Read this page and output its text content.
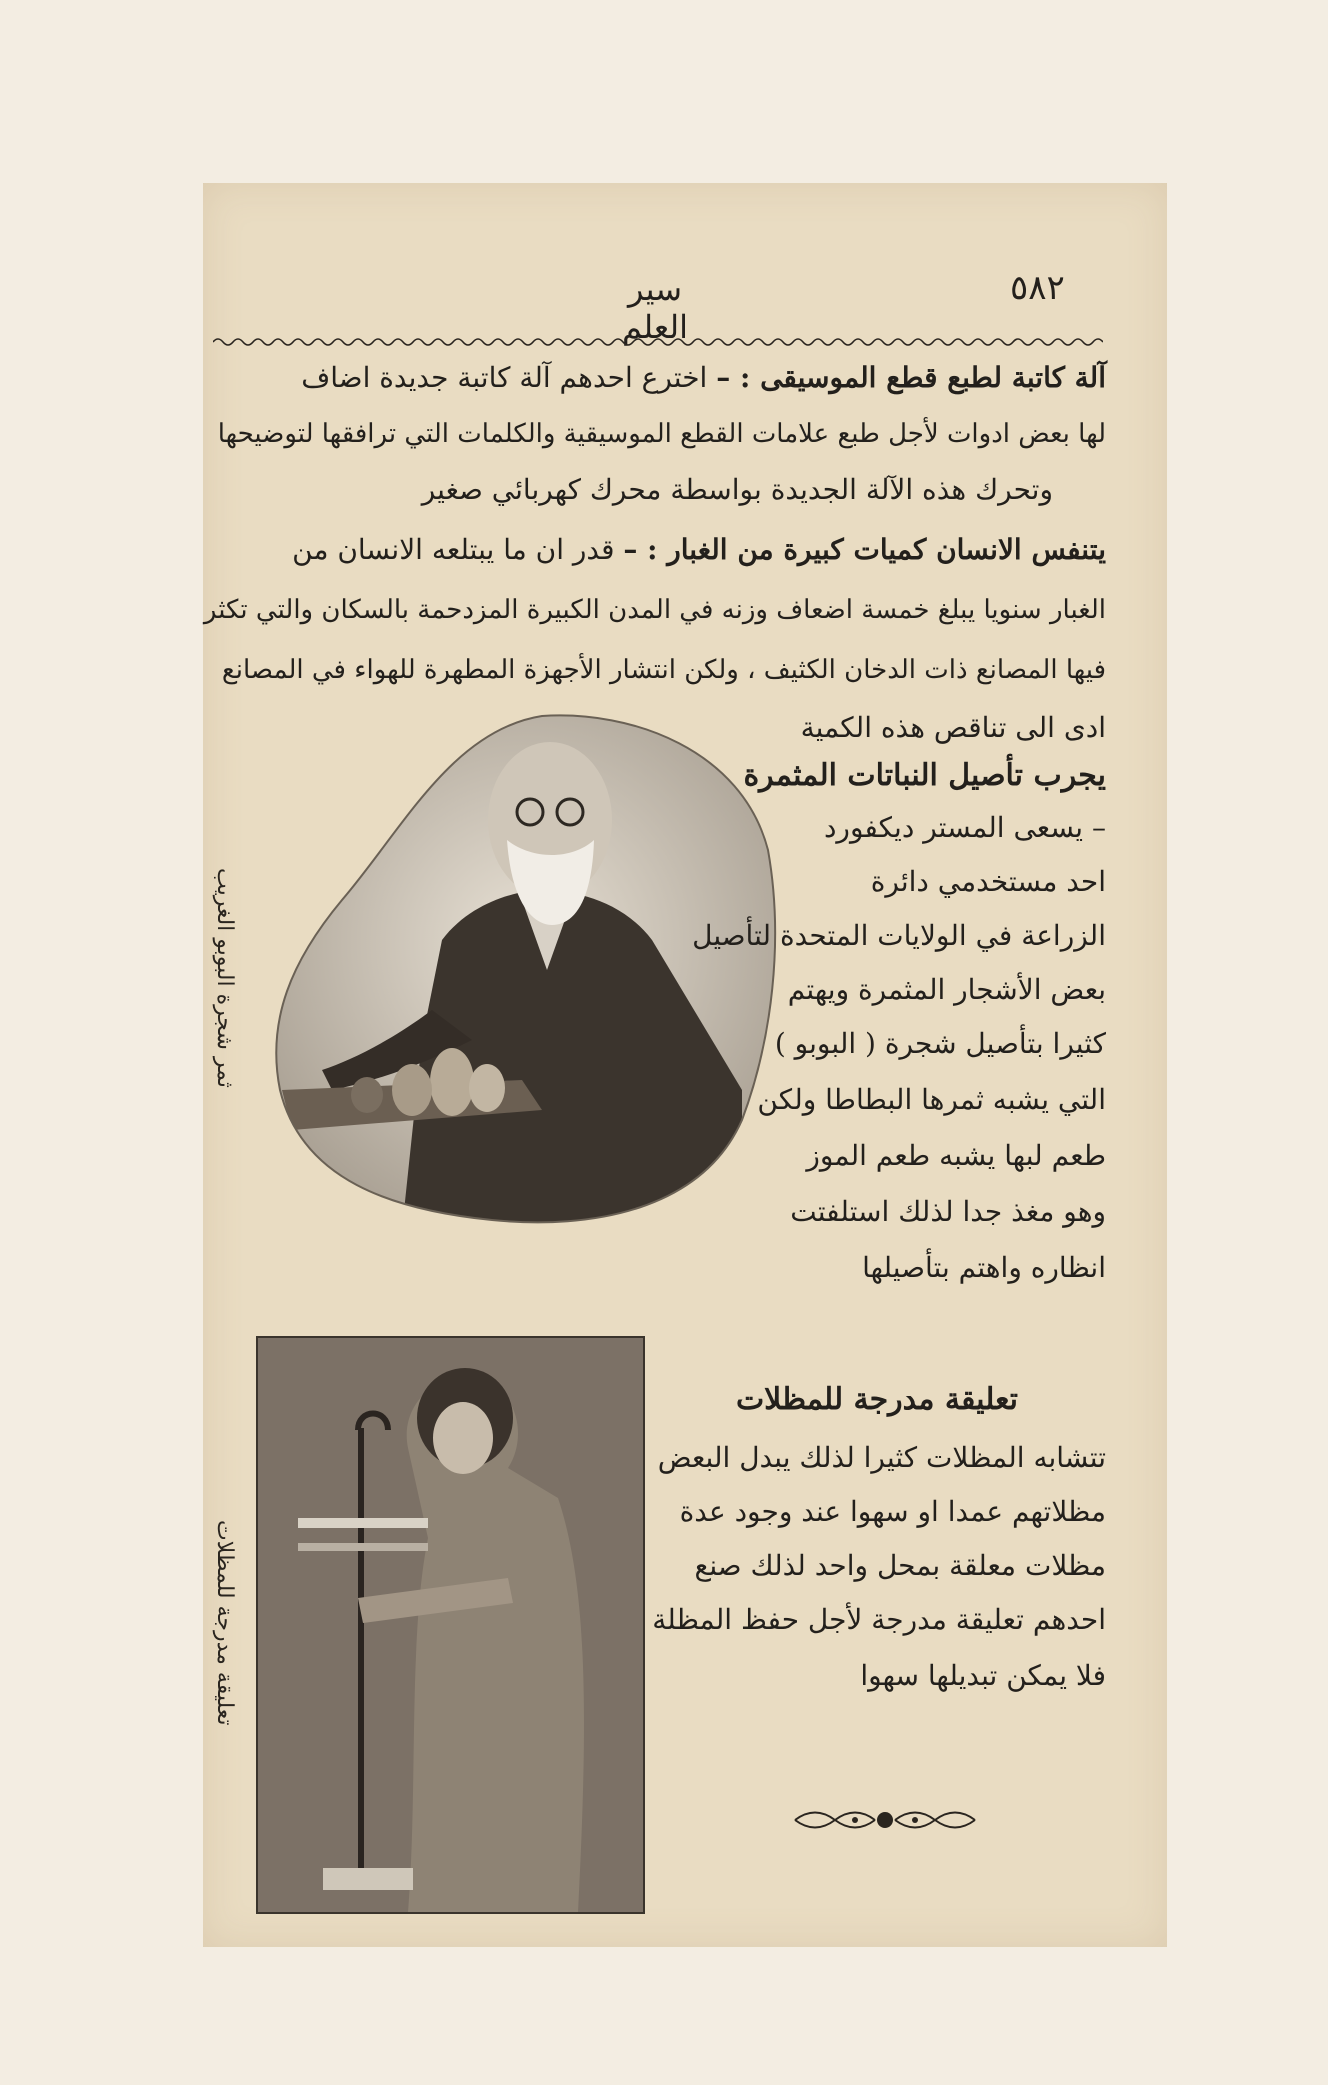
٥٨٢
سير العلم
آلة كاتبة لطبع قطع الموسيقى : – اخترع احدهم آلة كاتبة جديدة اضاف
لها بعض ادوات لأجل طبع علامات القطع الموسيقية والكلمات التي ترافقها لتوضيحها
وتحرك هذه الآلة الجديدة بواسطة محرك كهربائي صغير
يتنفس الانسان كميات كبيرة من الغبار : – قدر ان ما يبتلعه الانسان من
الغبار سنويا يبلغ خمسة اضعاف وزنه في المدن الكبيرة المزدحمة بالسكان والتي تكثر
فيها المصانع ذات الدخان الكثيف ، ولكن انتشار الأجهزة المطهرة للهواء في المصانع
ادى الى تناقص هذه الكمية
ثمر شجرة البوبو الغريب
يجرب تأصيل النباتات المثمرة
– يسعى المستر ديكفورد
احد مستخدمي دائرة
الزراعة في الولايات المتحدة لتأصيل
بعض الأشجار المثمرة ويهتم
كثيرا بتأصيل شجرة ( البوبو )
التي يشبه ثمرها البطاطا ولكن
طعم لبها يشبه طعم الموز
وهو مغذ جدا لذلك استلفتت
انظاره واهتم بتأصيلها
تعليقة مدرجة للمظلات
تعليقة مدرجة للمظلات
تتشابه المظلات كثيرا لذلك يبدل البعض
مظلاتهم عمدا او سهوا عند وجود عدة
مظلات معلقة بمحل واحد لذلك صنع
احدهم تعليقة مدرجة لأجل حفظ المظلة
فلا يمكن تبديلها سهوا
